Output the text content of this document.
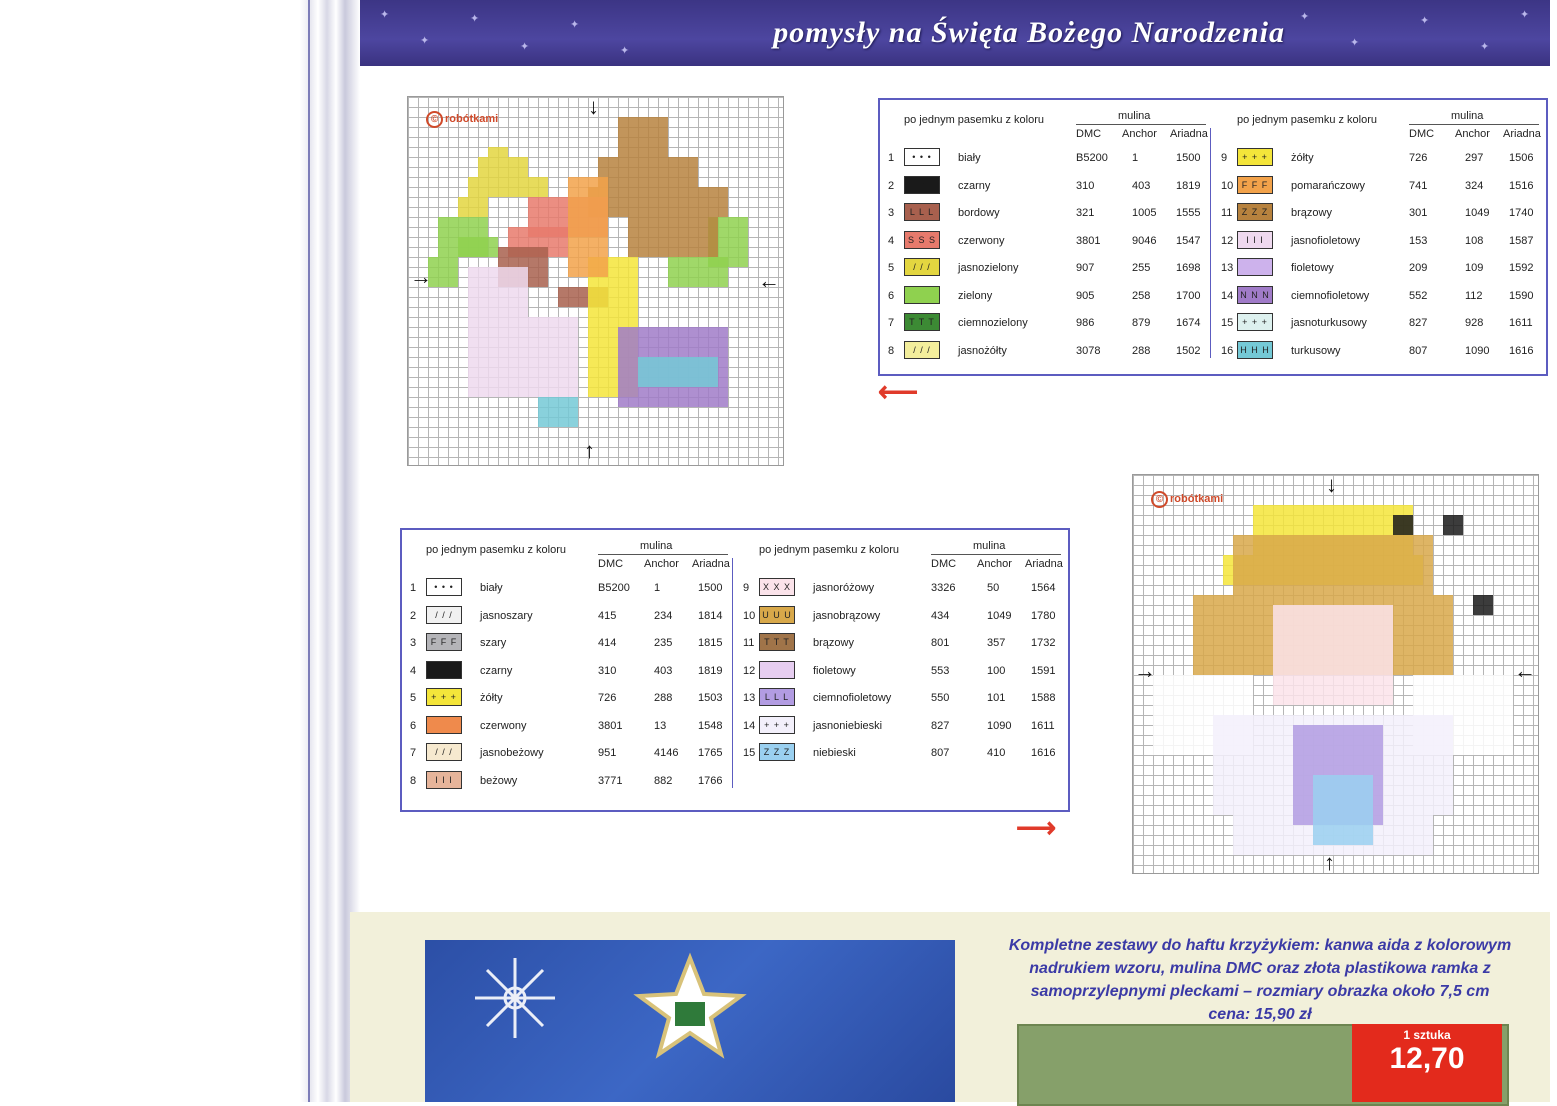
✦
✦
✦
✦
✦
✦
✦
✦
✦
✦
✦
pomysły na Święta Bożego Narodzenia
© robótkami	↓
↑
→	←
po jednym pasemku z koloru	mulina
DMC Anchor Ariadna
1	• • •	biały	B5200 1	1500
2	■■■	czarny	310	403 1819
3	L L L	bordowy	321	1005 1555
4	S S S	czerwony	3801	9046 1547
5	/ / /	jasnozielony	907	255 1698
6	zielony	905	258 1700
7	T T T	ciemnozielony	986	879 1674
8	/ / /	jasnożółty	3078	288 1502
po jednym pasemku z koloru	mulina
DMC Anchor Ariadna
9	+ + +	żółty	726	297 1506
10 F F F	pomarańczowy	741	324 1516
11	Z Z Z	brązowy	301	1049 1740
12	I I I	jasnofioletowy	153	108 1587
13	fioletowy	209	109 1592
14 N N N ciemnofioletowy	552	112 1590
15 + + +	jasnoturkusowy	827	928 1611
16 H H H turkusowy	807	1090 1616
⟵
po jednym pasemku z koloru	mulina
DMC Anchor Ariadna
1	• • •	biały	B5200 1	1500
2	/ / /	jasnoszary	415	234 1814
3	F F F	szary	414	235 1815
4	■■■	czarny	310	403 1819
5	+ + +	żółty	726	288 1503
6	czerwony	3801	13	1548
7	/ / /	jasnobeżowy	951	4146 1765
8	I I I	beżowy	3771	882 1766
po jednym pasemku z koloru	mulina
DMC Anchor Ariadna
9	X X X	jasnoróżowy	3326	50	1564
10 U U U jasnobrązowy	434	1049 1780
11	T T T	brązowy	801	357 1732
12	fioletowy	553	100 1591
13	L L L	ciemnofioletowy	550	101 1588
14 + + +	jasnoniebieski	827	1090 1611
15 Z Z Z	niebieski	807	410 1616
⟶
© robótkami
↓
↑
→	←
Kompletne zestawy do haftu krzyżykiem: kanwa aida z kolorowym nadrukiem wzoru, mulina DMC oraz złota plastikowa ramka z samoprzylepnymi pleckami – rozmiary obrazka około 7,5 cm
cena: 15,90 zł
1 sztuka
12,70
